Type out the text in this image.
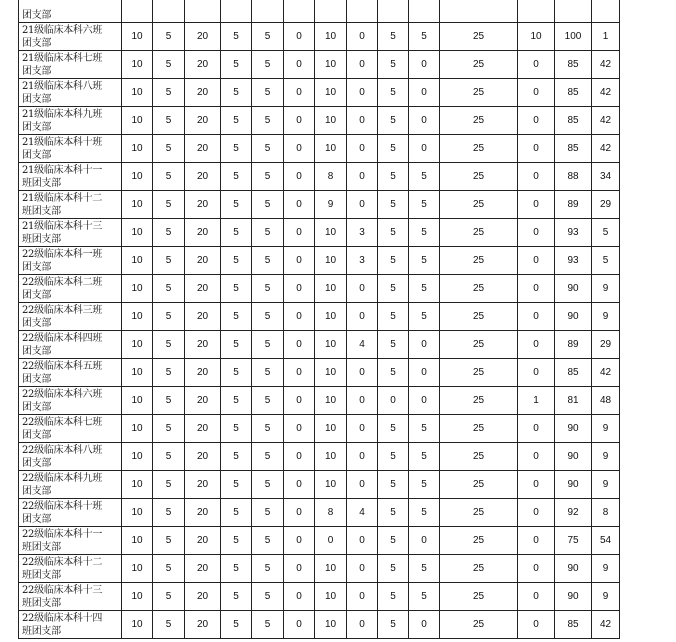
团支部														
21级临床本科六班
团支部	10	5	20	5	5	0	10	0	5	5	25	10	100	1
21级临床本科七班
团支部	10	5	20	5	5	0	10	0	5	0	25	0	85	42
21级临床本科八班
团支部	10	5	20	5	5	0	10	0	5	0	25	0	85	42
21级临床本科九班
团支部	10	5	20	5	5	0	10	0	5	0	25	0	85	42
21级临床本科十班
团支部	10	5	20	5	5	0	10	0	5	0	25	0	85	42
21级临床本科十一
班团支部	10	5	20	5	5	0	8	0	5	5	25	0	88	34
21级临床本科十二
班团支部	10	5	20	5	5	0	9	0	5	5	25	0	89	29
21级临床本科十三
班团支部	10	5	20	5	5	0	10	3	5	5	25	0	93	5
22级临床本科一班
团支部	10	5	20	5	5	0	10	3	5	5	25	0	93	5
22级临床本科二班
团支部	10	5	20	5	5	0	10	0	5	5	25	0	90	9
22级临床本科三班
团支部	10	5	20	5	5	0	10	0	5	5	25	0	90	9
22级临床本科四班
团支部	10	5	20	5	5	0	10	4	5	0	25	0	89	29
22级临床本科五班
团支部	10	5	20	5	5	0	10	0	5	0	25	0	85	42
22级临床本科六班
团支部	10	5	20	5	5	0	10	0	0	0	25	1	81	48
22级临床本科七班
团支部	10	5	20	5	5	0	10	0	5	5	25	0	90	9
22级临床本科八班
团支部	10	5	20	5	5	0	10	0	5	5	25	0	90	9
22级临床本科九班
团支部	10	5	20	5	5	0	10	0	5	5	25	0	90	9
22级临床本科十班
团支部	10	5	20	5	5	0	8	4	5	5	25	0	92	8
22级临床本科十一
班团支部	10	5	20	5	5	0	0	0	5	0	25	0	75	54
22级临床本科十二
班团支部	10	5	20	5	5	0	10	0	5	5	25	0	90	9
22级临床本科十三
班团支部	10	5	20	5	5	0	10	0	5	5	25	0	90	9
22级临床本科十四
班团支部	10	5	20	5	5	0	10	0	5	0	25	0	85	42
